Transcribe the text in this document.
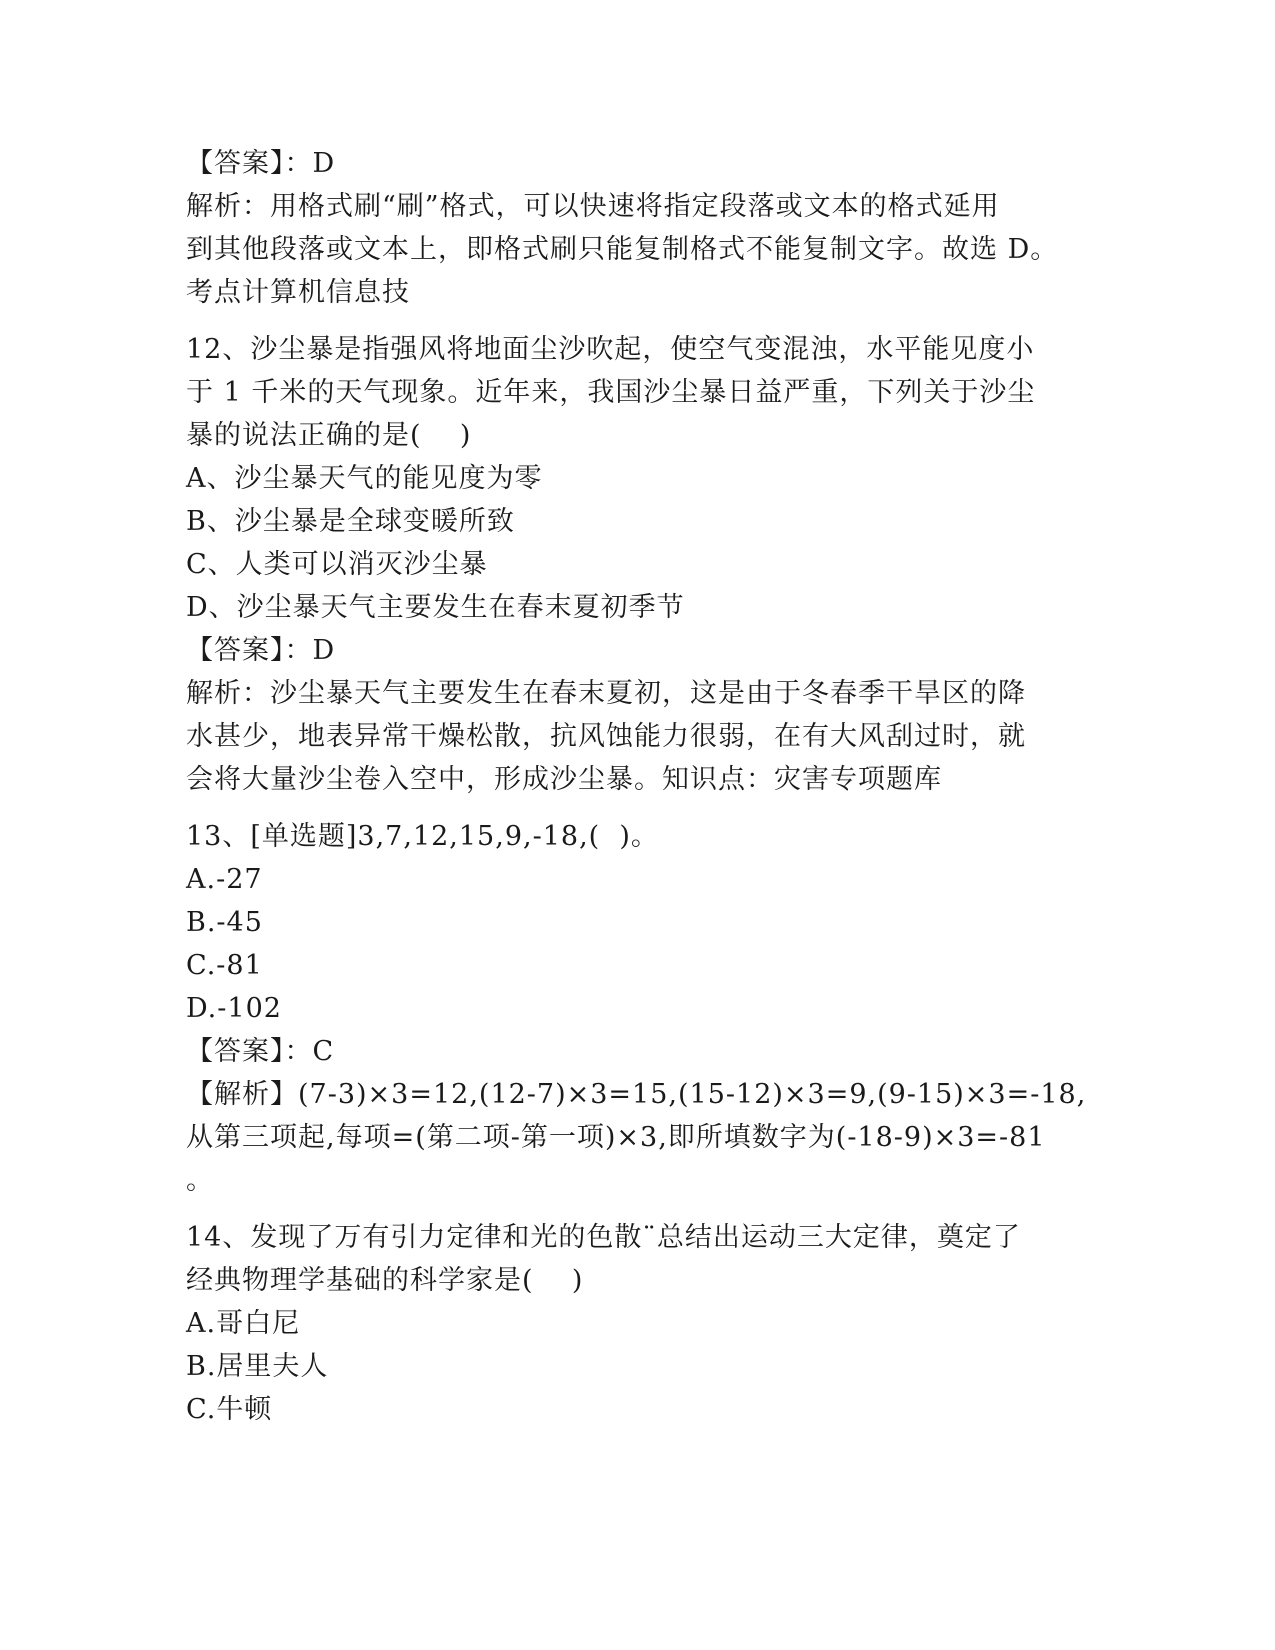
【答案】：D
解析：用格式刷“刷”格式，可以快速将指定段落或文本的格式延用
到其他段落或文本上，即格式刷只能复制格式不能复制文字。故选 D。
考点计算机信息技
12、沙尘暴是指强风将地面尘沙吹起，使空气变混浊，水平能见度小
于 1 千米的天气现象。近年来，我国沙尘暴日益严重，下列关于沙尘
暴的说法正确的是(    )
A、沙尘暴天气的能见度为零
B、沙尘暴是全球变暖所致
C、人类可以消灭沙尘暴
D、沙尘暴天气主要发生在春末夏初季节
【答案】：D
解析：沙尘暴天气主要发生在春末夏初，这是由于冬春季干旱区的降
水甚少，地表异常干燥松散，抗风蚀能力很弱，在有大风刮过时，就
会将大量沙尘卷入空中，形成沙尘暴。知识点：灾害专项题库
13、[单选题]3,7,12,15,9,-18,(  )。
A.-27
B.-45
C.-81
D.-102
【答案】：C
【解析】(7-3)×3=12,(12-7)×3=15,(15-12)×3=9,(9-15)×3=-18,
从第三项起,每项=(第二项-第一项)×3,即所填数字为(-18-9)×3=-81
。
14、发现了万有引力定律和光的色散¨总结出运动三大定律，奠定了
经典物理学基础的科学家是(    )
A.哥白尼
B.居里夫人
C.牛顿
